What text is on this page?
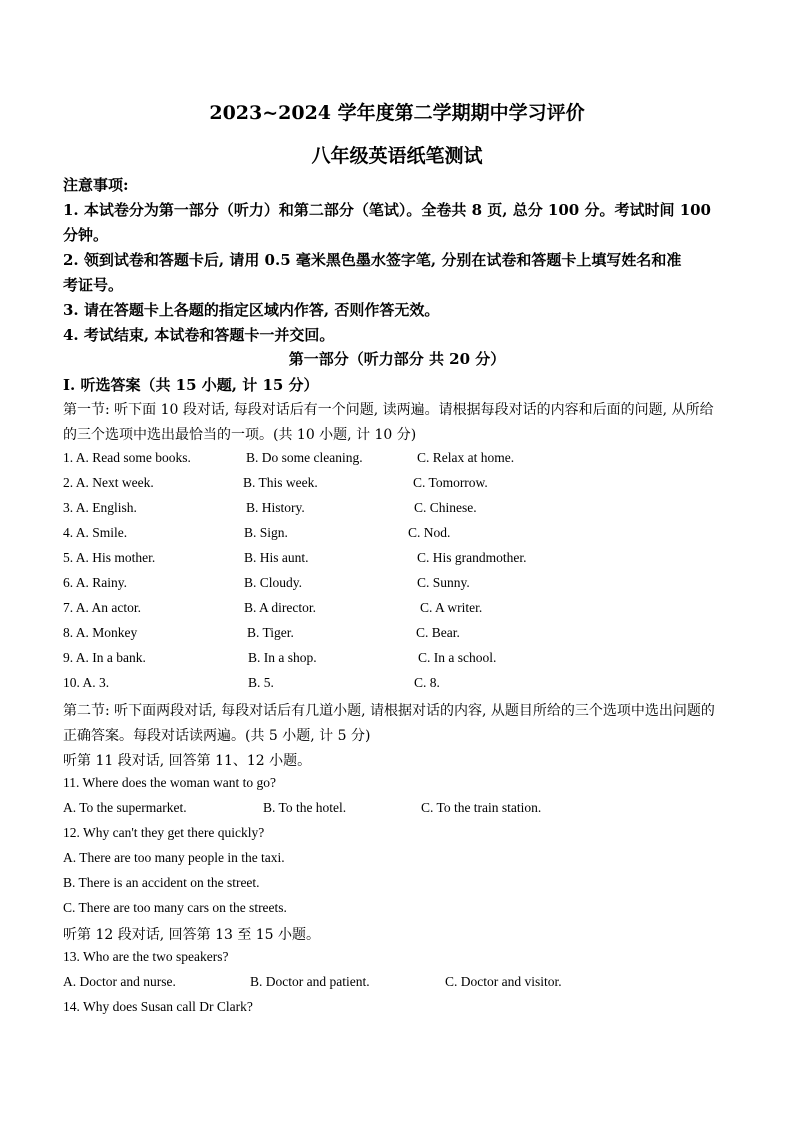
2023~2024 学年度第二学期期中学习评价
八年级英语纸笔测试
注意事项:
1. 本试卷分为第一部分（听力）和第二部分（笔试）。全卷共 8 页, 总分 100 分。考试时间 100
分钟。
2. 领到试卷和答题卡后, 请用 0.5 毫米黑色墨水签字笔, 分别在试卷和答题卡上填写姓名和准
考证号。
3. 请在答题卡上各题的指定区域内作答, 否则作答无效。
4. 考试结束, 本试卷和答题卡一并交回。
第一部分（听力部分 共 20 分）
Ⅰ. 听选答案（共 15 小题, 计 15 分）
第一节: 听下面 10 段对话, 每段对话后有一个问题, 读两遍。请根据每段对话的内容和后面的问题, 从所给
的三个选项中选出最恰当的一项。(共 10 小题, 计 10 分)
1. A. Read some books.	B. Do some cleaning.	C. Relax at home.
2. A. Next week.	B. This week.	C. Tomorrow.
3. A. English.	B. History.	C. Chinese.
4. A. Smile.	B. Sign.	C. Nod.
5. A. His mother.	B. His aunt.	C. His grandmother.
6. A. Rainy.	B. Cloudy.	C. Sunny.
7. A. An actor.	B. A director.	C. A writer.
8. A. Monkey	B. Tiger.	C. Bear.
9. A. In a bank.	B. In a shop.	C. In a school.
10. A. 3.	B. 5.	C. 8.
第二节: 听下面两段对话, 每段对话后有几道小题, 请根据对话的内容, 从题目所给的三个选项中选出问题的
正确答案。每段对话读两遍。(共 5 小题, 计 5 分)
听第 11 段对话, 回答第 11、12 小题。
11. Where does the woman want to go?
A. To the supermarket.	B. To the hotel.	C. To the train station.
12. Why can't they get there quickly?
A. There are too many people in the taxi.
B. There is an accident on the street.
C. There are too many cars on the streets.
听第 12 段对话, 回答第 13 至 15 小题。
13. Who are the two speakers?
A. Doctor and nurse.	B. Doctor and patient.	C. Doctor and visitor.
14. Why does Susan call Dr Clark?
